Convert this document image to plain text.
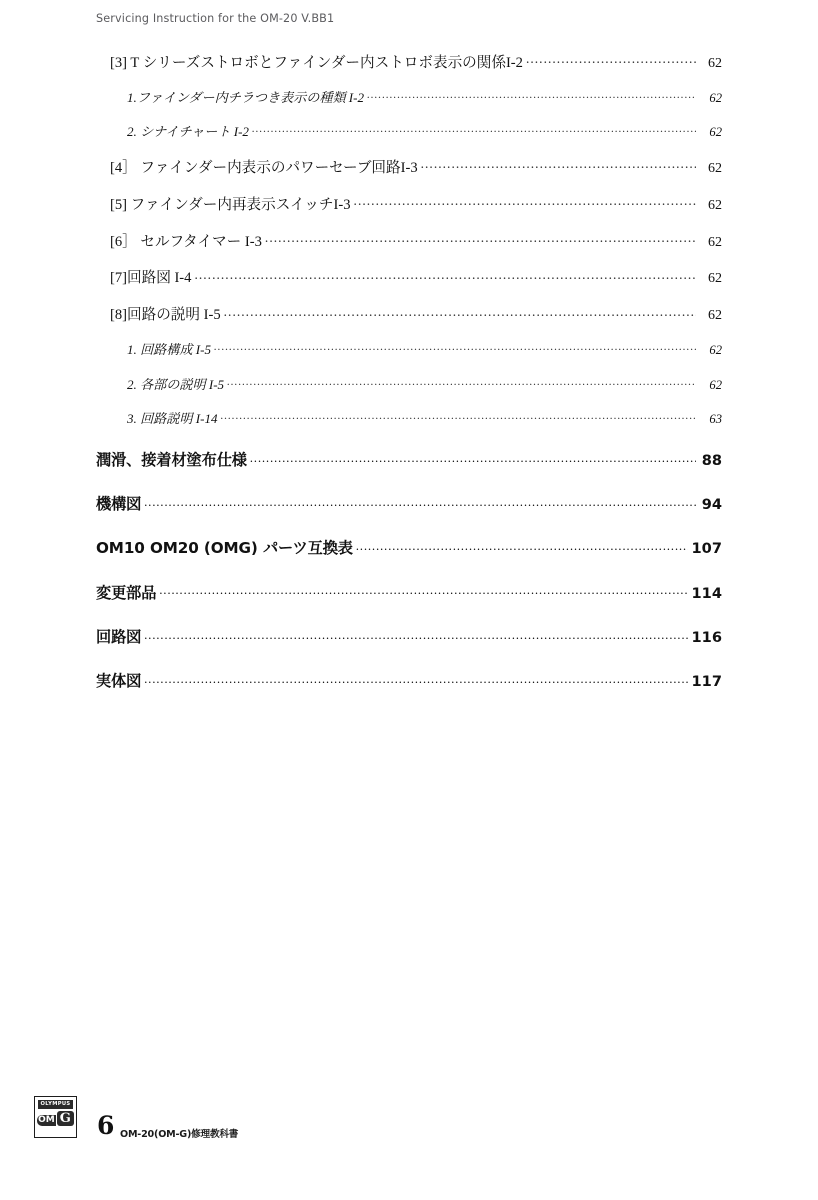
Servicing Instruction for the OM-20 V.BB1
[3] T シリーズストロボとファインダー内ストロボ表示の関係I-2 .....	62
1.ファインダー内チラつき表示の種類 I-2 .....	62
2. シナイチャート I-2 .....	62
[4］ ファインダー内表示のパワーセーブ回路I-3 .....	62
[5] ファインダー内再表示スイッチI-3 .....	62
[6］ セルフタイマー I-3 .....	62
[7]回路図 I-4 .....	62
[8]回路の説明 I-5 .....	62
1. 回路構成 I-5 .....	62
2. 各部の説明 I-5 .....	62
3. 回路説明 I-14 .....	63
潤滑、接着材塗布仕様 .....	88
機構図 .....	94
OM10 OM20 (OMG) パーツ互換表 .....	107
変更部品 .....	114
回路図 .....	116
実体図 .....	117
OLYMPUS
OM G 6 OM-20(OM-G)修理教科書
